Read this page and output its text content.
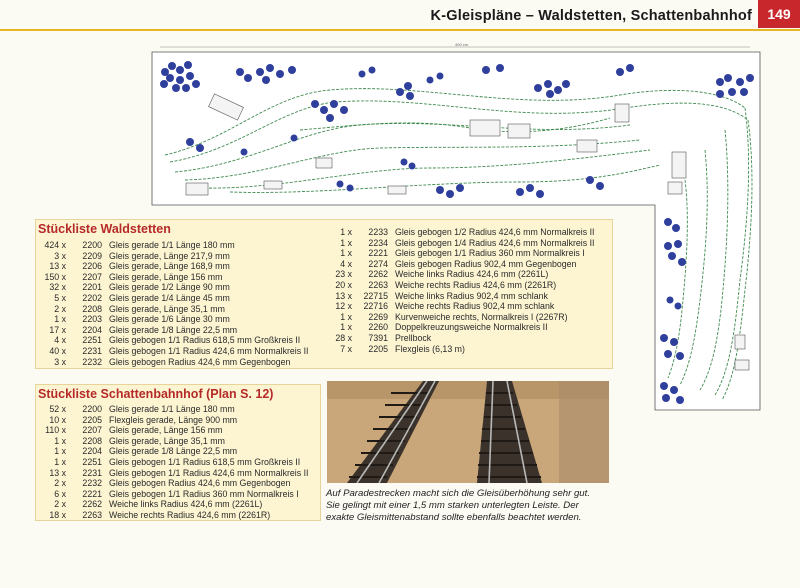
K-Gleispläne – Waldstetten, Schattenbahnhof	149
400 cm
Stückliste Waldstetten
424 x	2200 Gleis gerade 1/1 Länge 180 mm
3 x	2209 Gleis gerade, Länge 217,9 mm
13 x	2206 Gleis gerade, Länge 168,9 mm
150 x	2207 Gleis gerade, Länge 156 mm
32 x	2201 Gleis gerade 1/2 Länge 90 mm
5 x	2202 Gleis gerade 1/4 Länge 45 mm
2 x	2208 Gleis gerade, Länge 35,1 mm
1 x	2203 Gleis gerade 1/6 Länge 30 mm
17 x	2204 Gleis gerade 1/8 Länge 22,5 mm
4 x	2251 Gleis gebogen 1/1 Radius 618,5 mm Großkreis II
40 x	2231 Gleis gebogen 1/1 Radius 424,6 mm Normalkreis II
3 x	2232 Gleis gebogen Radius 424,6 mm Gegenbogen
1 x	2233 Gleis gebogen 1/2 Radius 424,6 mm Normalkreis II
1 x	2234 Gleis gebogen 1/4 Radius 424,6 mm Normalkreis II
1 x	2221 Gleis gebogen 1/1 Radius 360 mm Normalkreis I
4 x	2274 Gleis gebogen Radius 902,4 mm Gegenbogen
23 x	2262 Weiche links Radius 424,6 mm (2261L)
20 x	2263 Weiche rechts Radius 424,6 mm (2261R)
13 x	22715 Weiche links Radius 902,4 mm schlank
12 x	22716 Weiche rechts Radius 902,4 mm schlank
1 x	2269 Kurvenweiche rechts, Normalkreis I (2267R)
1 x	2260 Doppelkreuzungsweiche Normalkreis II
28 x	7391 Prellbock
7 x	2205 Flexgleis (6,13 m)
Stückliste Schattenbahnhof (Plan S. 12)
52 x	2200 Gleis gerade 1/1 Länge 180 mm
10 x	2205 Flexgleis gerade, Länge 900 mm
110 x	2207 Gleis gerade, Länge 156 mm
1 x	2208 Gleis gerade, Länge 35,1 mm
1 x	2204 Gleis gerade 1/8 Länge 22,5 mm
1 x	2251 Gleis gebogen 1/1 Radius 618,5 mm Großkreis II
13 x	2231 Gleis gebogen 1/1 Radius 424,6 mm Normalkreis II
2 x	2232 Gleis gebogen Radius 424,6 mm Gegenbogen
6 x	2221 Gleis gebogen 1/1 Radius 360 mm Normalkreis I
2 x	2262 Weiche links Radius 424,6 mm (2261L)
18 x	2263 Weiche rechts Radius 424,6 mm (2261R)
Auf Paradestrecken macht sich die Gleisüberhöhung sehr gut.
Sie gelingt mit einer 1,5 mm starken unterlegten Leiste. Der
exakte Gleismittenabstand sollte ebenfalls beachtet werden.
